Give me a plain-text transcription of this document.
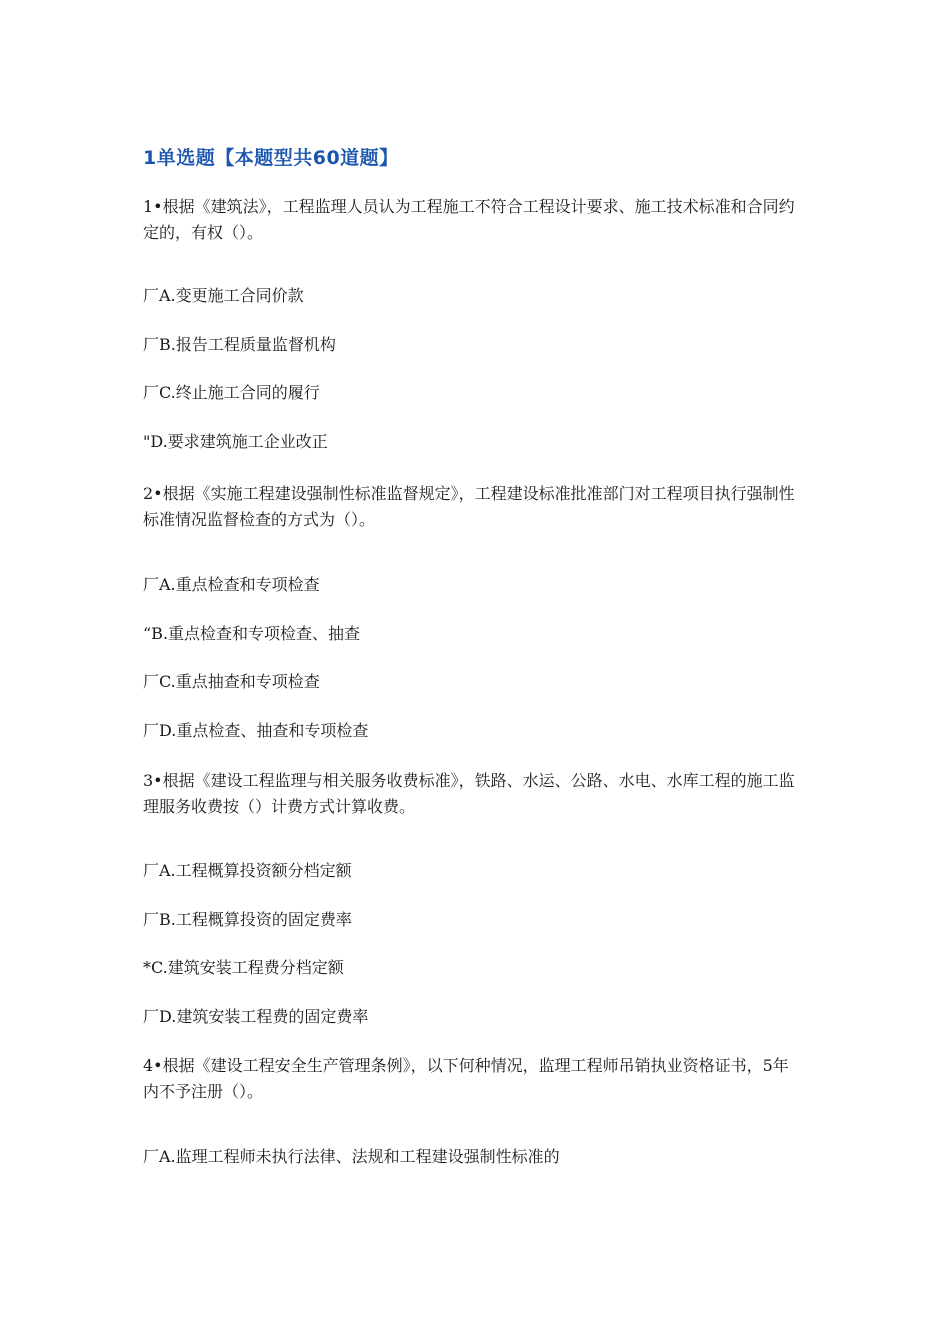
1单选题【本题型共60道题】
1•根据《建筑法》，工程监理人员认为工程施工不符合工程设计要求、施工技术标准和合同约定的，有权（）。
厂A.变更施工合同价款
厂B.报告工程质量监督机构
厂C.终止施工合同的履行
"D.要求建筑施工企业改正
2•根据《实施工程建设强制性标准监督规定》，工程建设标准批准部门对工程项目执行强制性标准情况监督检查的方式为（）。
厂A.重点检查和专项检查
“B.重点检查和专项检查、抽查
厂C.重点抽查和专项检查
厂D.重点检查、抽查和专项检查
3•根据《建设工程监理与相关服务收费标准》，铁路、水运、公路、水电、水库工程的施工监理服务收费按（）计费方式计算收费。
厂A.工程概算投资额分档定额
厂B.工程概算投资的固定费率
*C.建筑安装工程费分档定额
厂D.建筑安装工程费的固定费率
4•根据《建设工程安全生产管理条例》，以下何种情况，监理工程师吊销执业资格证书，5年内不予注册（）。
厂A.监理工程师未执行法律、法规和工程建设强制性标准的
